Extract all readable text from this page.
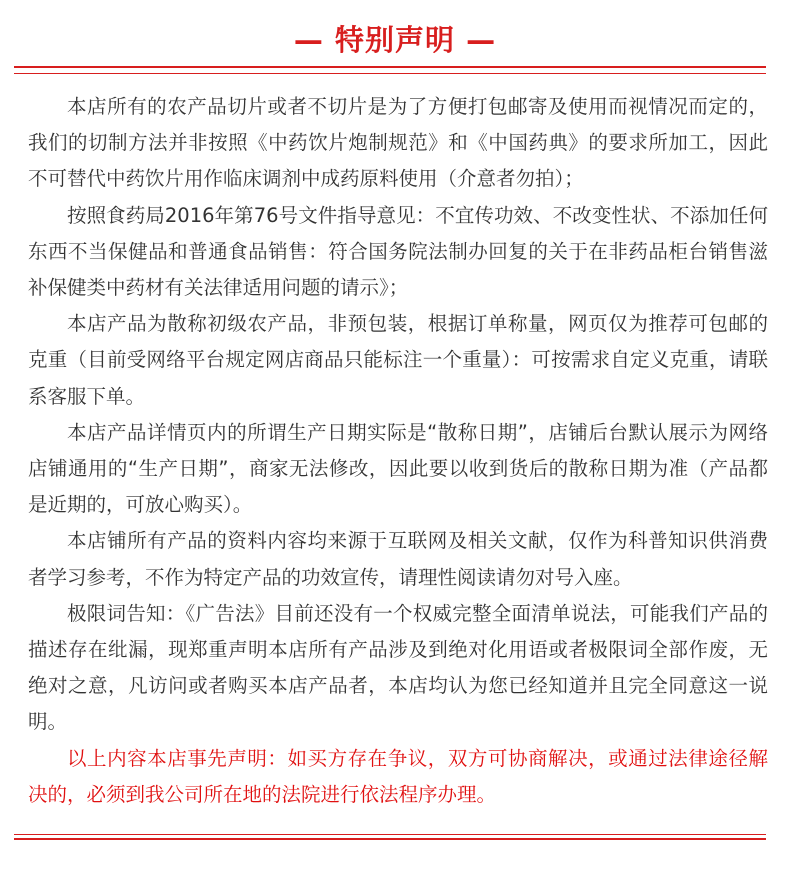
— 特别声明 —

本店所有的农产品切片或者不切片是为了方便打包邮寄及使用而视情况而定的，我们的切制方法并非按照《中药饮片炮制规范》和《中国药典》的要求所加工，因此不可替代中药饮片用作临床调剂中成药原料使用（介意者勿拍）；

按照食药局2016年第76号文件指导意见：不宜传功效、不改变性状、不添加任何东西不当保健品和普通食品销售：符合国务院法制办回复的关于在非药品柜台销售滋补保健类中药材有关法律适用问题的请示》；

本店产品为散称初级农产品，非预包装，根据订单称量，网页仅为推荐可包邮的克重（目前受网络平台规定网店商品只能标注一个重量）：可按需求自定义克重，请联系客服下单。

本店产品详情页内的所谓生产日期实际是“散称日期”，店铺后台默认展示为网络店铺通用的“生产日期”，商家无法修改，因此要以收到货后的散称日期为准（产品都是近期的，可放心购买）。

本店铺所有产品的资料内容均来源于互联网及相关文献，仅作为科普知识供消费者学习参考，不作为特定产品的功效宣传，请理性阅读请勿对号入座。

极限词告知：《广告法》目前还没有一个权威完整全面清单说法，可能我们产品的描述存在纰漏，现郑重声明本店所有产品涉及到绝对化用语或者极限词全部作废，无绝对之意，凡访问或者购买本店产品者，本店均认为您已经知道并且完全同意这一说明。

以上内容本店事先声明：如买方存在争议，双方可协商解决，或通过法律途径解决的，必须到我公司所在地的法院进行依法程序办理。
